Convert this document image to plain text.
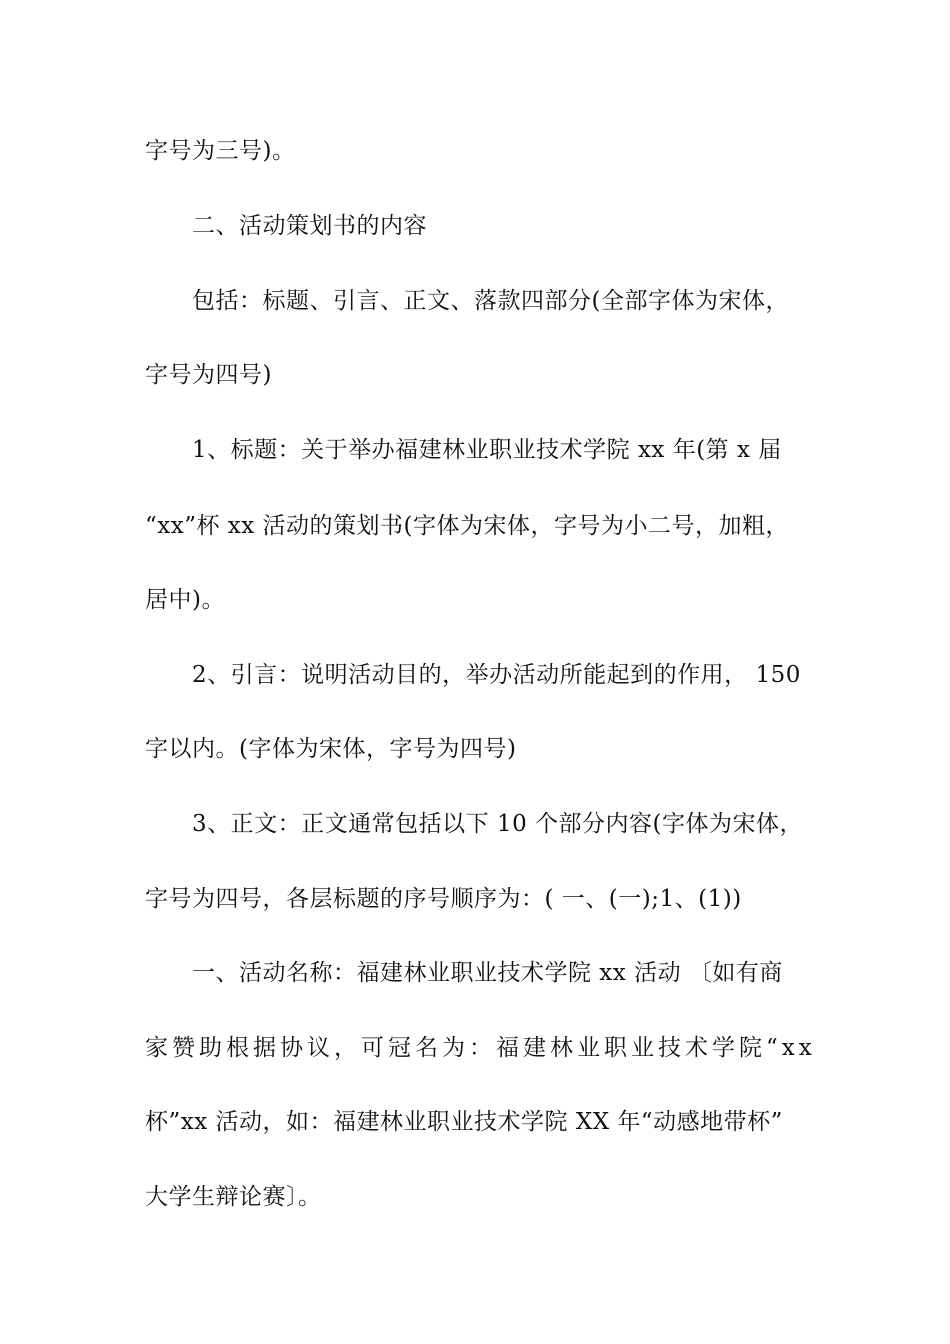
字号为三号)。
二、活动策划书的内容
包括：标题、引言、正文、落款四部分(全部字体为宋体，
字号为四号)
1、标题：关于举办福建林业职业技术学院 xx 年(第 x 届
“xx”杯 xx 活动的策划书(字体为宋体，字号为小二号，加粗，
居中)。
2、引言：说明活动目的，举办活动所能起到的作用， 150
字以内。(字体为宋体，字号为四号)
3、正文：正文通常包括以下 10 个部分内容(字体为宋体，
字号为四号，各层标题的序号顺序为：( 一、(一);1、(1))
一、活动名称：福建林业职业技术学院 xx 活动 〔如有商
家赞助根据协议，可冠名为：福建林业职业技术学院“xx
杯”xx 活动，如：福建林业职业技术学院 XX 年“动感地带杯”
大学生辩论赛〕。
